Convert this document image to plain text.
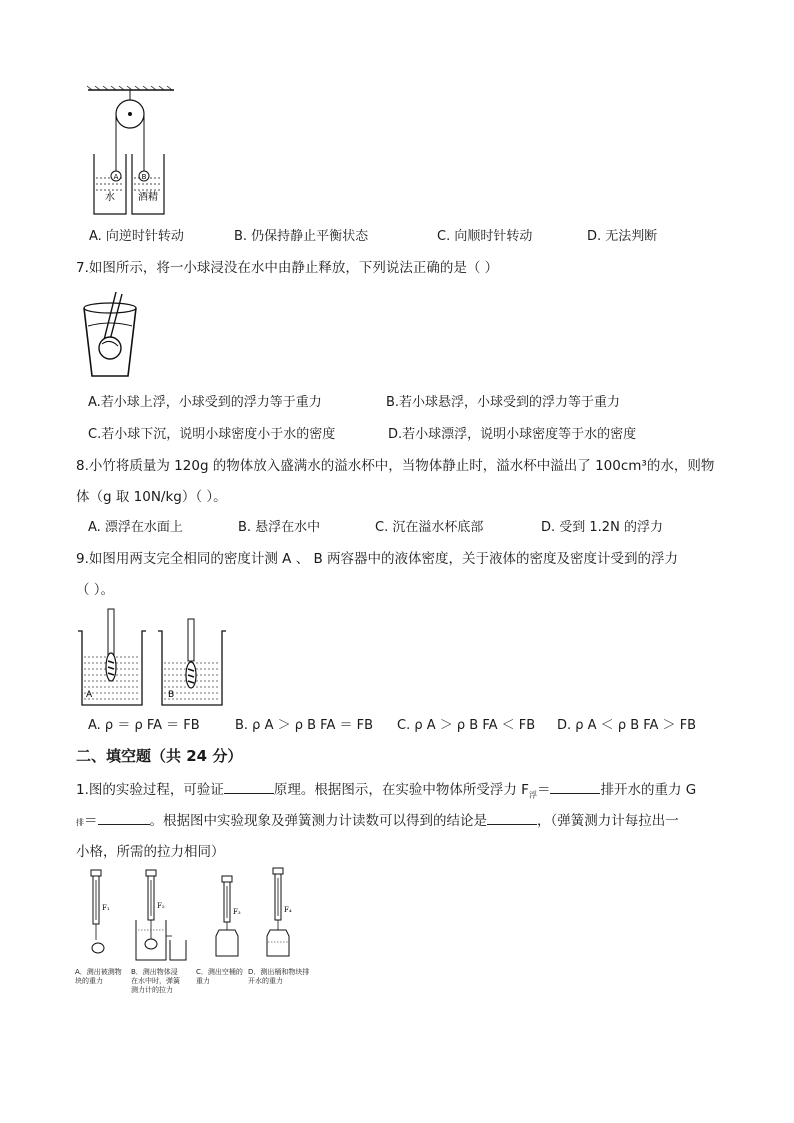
A	B
水 酒精
A. 向逆时针转动	B. 仍保持静止平衡状态	C. 向顺时针转动	D. 无法判断
7.如图所示，将一小球浸没在水中由静止释放，下列说法正确的是（ ）
A.若小球上浮，小球受到的浮力等于重力	B.若小球悬浮，小球受到的浮力等于重力
C.若小球下沉，说明小球密度小于水的密度	D.若小球漂浮，说明小球密度等于水的密度
8.小竹将质量为 120g 的物体放入盛满水的溢水杯中，当物体静止时，溢水杯中溢出了 100cm³的水，则物
体（g 取 10N/kg）（ ）。
A. 漂浮在水面上	B. 悬浮在水中	C. 沉在溢水杯底部	D. 受到 1.2N 的浮力
9.如图用两支完全相同的密度计测 A 、 B 两容器中的液体密度，关于液体的密度及密度计受到的浮力
（ ）。
A	B
A. ρ ＝ ρ FA ＝ FB	B. ρ A ＞ ρ B FA ＝ FB C. ρ A ＞ ρ B FA ＜ FB D. ρ A ＜ ρ B FA ＞ FB
二、填空题（共 24 分）
1.图的实验过程，可验证	原理。根据图示，在实验中物体所受浮力 $F_浮=$	排开水的重力 G
排＝	。根据图中实验现象及弹簧测力计读数可以得到的结论是	，（弹簧测力计每拉出一
小格，所需的拉力相同）
F₁	F₂
F₃	F₄
A．测出被测物块的重力
B．测出物体浸在水中时，弹簧测力计的拉力
C．测出空桶的重力
D．测出桶和物块排开水的重力
